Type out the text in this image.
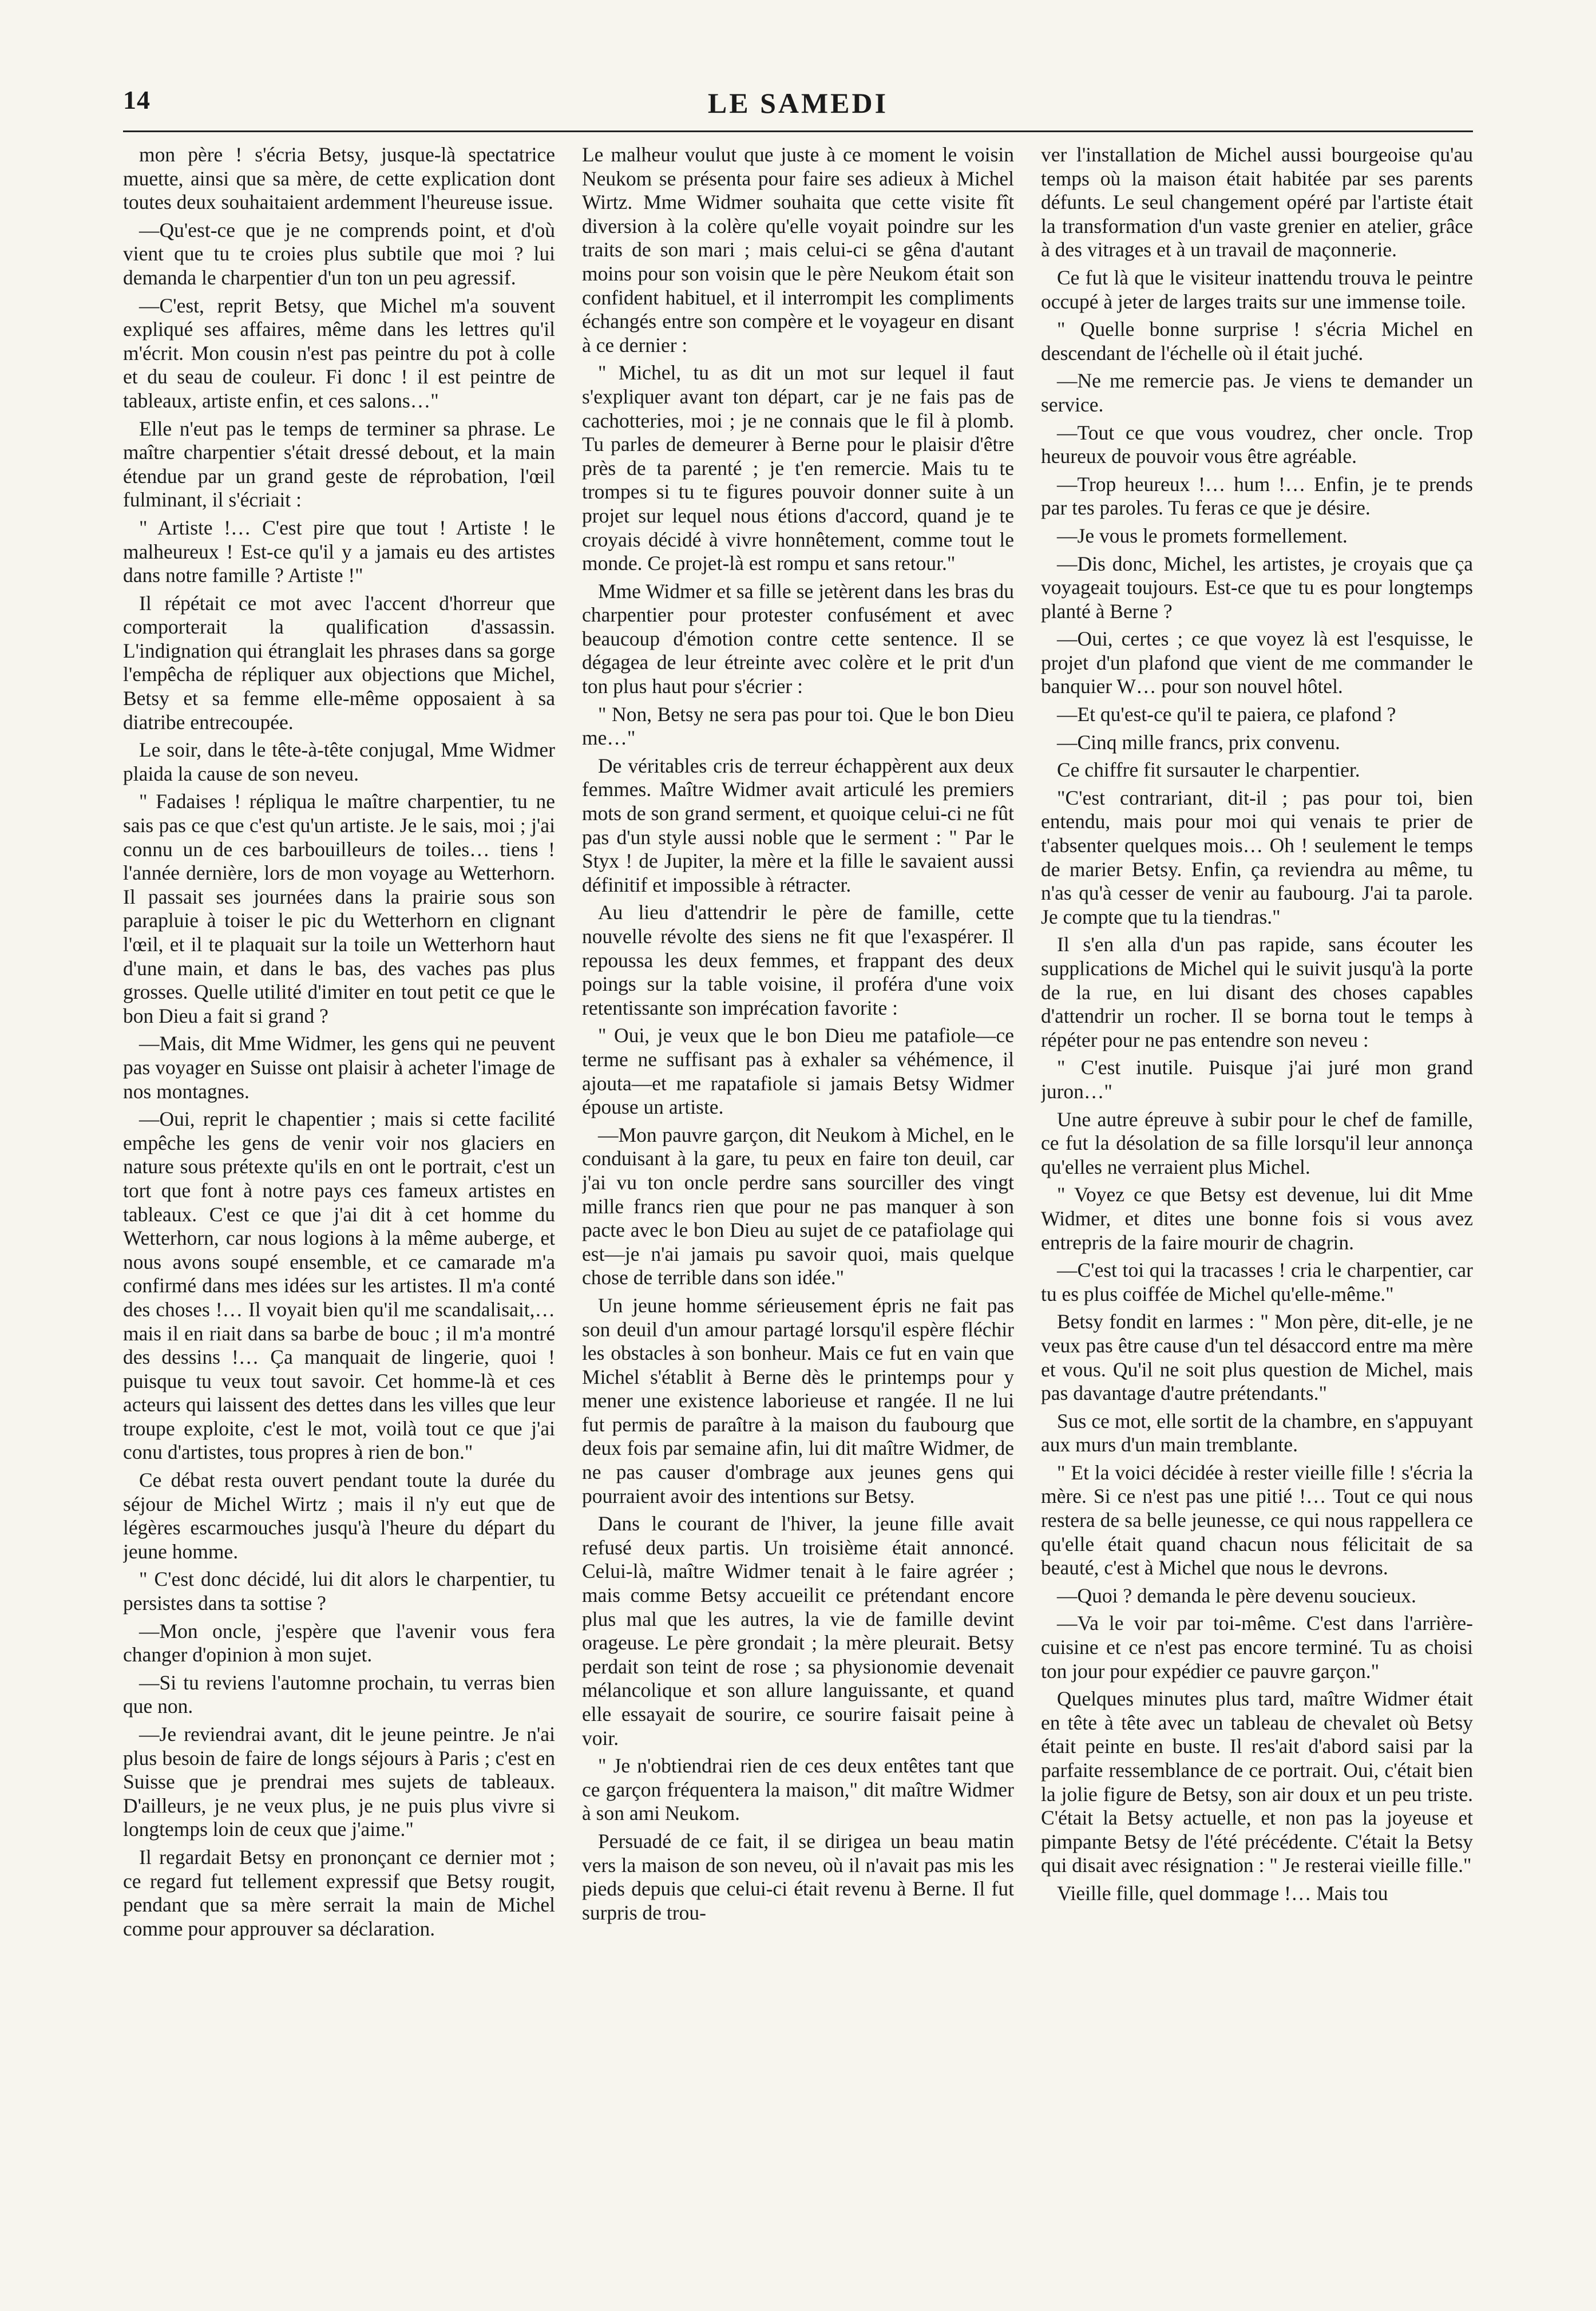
14	LE SAMEDI

mon père ! s'écria Betsy, jusque-là spectatrice muette, ainsi que sa mère, de cette explication dont toutes deux souhaitaient ardemment l'heureuse issue.

—Qu'est-ce que je ne comprends point, et d'où vient que tu te croies plus subtile que moi ? lui demanda le charpentier d'un ton un peu agressif.

—C'est, reprit Betsy, que Michel m'a souvent expliqué ses affaires, même dans les lettres qu'il m'écrit. Mon cousin n'est pas peintre du pot à colle et du seau de couleur. Fi donc ! il est peintre de tableaux, artiste enfin, et ces salons…"

Elle n'eut pas le temps de terminer sa phrase. Le maître charpentier s'était dressé debout, et la main étendue par un grand geste de réprobation, l'œil fulminant, il s'écriait :

" Artiste !… C'est pire que tout ! Artiste ! le malheureux ! Est-ce qu'il y a jamais eu des artistes dans notre famille ? Artiste !"

Il répétait ce mot avec l'accent d'horreur que comporterait la qualification d'assassin. L'indignation qui étranglait les phrases dans sa gorge l'empêcha de répliquer aux objections que Michel, Betsy et sa femme elle-même opposaient à sa diatribe entrecoupée.

Le soir, dans le tête-à-tête conjugal, Mme Widmer plaida la cause de son neveu.

" Fadaises ! répliqua le maître charpentier, tu ne sais pas ce que c'est qu'un artiste. Je le sais, moi ; j'ai connu un de ces barbouilleurs de toiles… tiens ! l'année dernière, lors de mon voyage au Wetterhorn. Il passait ses journées dans la prairie sous son parapluie à toiser le pic du Wetterhorn en clignant l'œil, et il te plaquait sur la toile un Wetterhorn haut d'une main, et dans le bas, des vaches pas plus grosses. Quelle utilité d'imiter en tout petit ce que le bon Dieu a fait si grand ?

—Mais, dit Mme Widmer, les gens qui ne peuvent pas voyager en Suisse ont plaisir à acheter l'image de nos montagnes.

—Oui, reprit le chapentier ; mais si cette facilité empêche les gens de venir voir nos glaciers en nature sous prétexte qu'ils en ont le portrait, c'est un tort que font à notre pays ces fameux artistes en tableaux. C'est ce que j'ai dit à cet homme du Wetterhorn, car nous logions à la même auberge, et nous avons soupé ensemble, et ce camarade m'a confirmé dans mes idées sur les artistes. Il m'a conté des choses !… Il voyait bien qu'il me scandalisait,… mais il en riait dans sa barbe de bouc ; il m'a montré des dessins !… Ça manquait de lingerie, quoi ! puisque tu veux tout savoir. Cet homme-là et ces acteurs qui laissent des dettes dans les villes que leur troupe exploite, c'est le mot, voilà tout ce que j'ai conu d'artistes, tous propres à rien de bon."

Ce débat resta ouvert pendant toute la durée du séjour de Michel Wirtz ; mais il n'y eut que de légères escarmouches jusqu'à l'heure du départ du jeune homme.

" C'est donc décidé, lui dit alors le charpentier, tu persistes dans ta sottise ?

—Mon oncle, j'espère que l'avenir vous fera changer d'opinion à mon sujet.

—Si tu reviens l'automne prochain, tu verras bien que non.

—Je reviendrai avant, dit le jeune peintre. Je n'ai plus besoin de faire de longs séjours à Paris ; c'est en Suisse que je prendrai mes sujets de tableaux. D'ailleurs, je ne veux plus, je ne puis plus vivre si longtemps loin de ceux que j'aime."

Il regardait Betsy en prononçant ce dernier mot ; ce regard fut tellement expressif que Betsy rougit, pendant que sa mère serrait la main de Michel comme pour approuver sa déclaration.

Le malheur voulut que juste à ce moment le voisin Neukom se présenta pour faire ses adieux à Michel Wirtz. Mme Widmer souhaita que cette visite fît diversion à la colère qu'elle voyait poindre sur les traits de son mari ; mais celui-ci se gêna d'autant moins pour son voisin que le père Neukom était son confident habituel, et il interrompit les compliments échangés entre son compère et le voyageur en disant à ce dernier :

" Michel, tu as dit un mot sur lequel il faut s'expliquer avant ton départ, car je ne fais pas de cachotteries, moi ; je ne connais que le fil à plomb. Tu parles de demeurer à Berne pour le plaisir d'être près de ta parenté ; je t'en remercie. Mais tu te trompes si tu te figures pouvoir donner suite à un projet sur lequel nous étions d'accord, quand je te croyais décidé à vivre honnêtement, comme tout le monde. Ce projet-là est rompu et sans retour."

Mme Widmer et sa fille se jetèrent dans les bras du charpentier pour protester confusément et avec beaucoup d'émotion contre cette sentence. Il se dégagea de leur étreinte avec colère et le prit d'un ton plus haut pour s'écrier :

" Non, Betsy ne sera pas pour toi. Que le bon Dieu me…"

De véritables cris de terreur échappèrent aux deux femmes. Maître Widmer avait articulé les premiers mots de son grand serment, et quoique celui-ci ne fût pas d'un style aussi noble que le serment : " Par le Styx ! de Jupiter, la mère et la fille le savaient aussi définitif et impossible à rétracter.

Au lieu d'attendrir le père de famille, cette nouvelle révolte des siens ne fit que l'exaspérer. Il repoussa les deux femmes, et frappant des deux poings sur la table voisine, il proféra d'une voix retentissante son imprécation favorite :

" Oui, je veux que le bon Dieu me patafiole—ce terme ne suffisant pas à exhaler sa véhémence, il ajouta—et me rapatafiole si jamais Betsy Widmer épouse un artiste.

—Mon pauvre garçon, dit Neukom à Michel, en le conduisant à la gare, tu peux en faire ton deuil, car j'ai vu ton oncle perdre sans sourciller des vingt mille francs rien que pour ne pas manquer à son pacte avec le bon Dieu au sujet de ce patafiolage qui est—je n'ai jamais pu savoir quoi, mais quelque chose de terrible dans son idée."

Un jeune homme sérieusement épris ne fait pas son deuil d'un amour partagé lorsqu'il espère fléchir les obstacles à son bonheur. Mais ce fut en vain que Michel s'établit à Berne dès le printemps pour y mener une existence laborieuse et rangée. Il ne lui fut permis de paraître à la maison du faubourg que deux fois par semaine afin, lui dit maître Widmer, de ne pas causer d'ombrage aux jeunes gens qui pourraient avoir des intentions sur Betsy.

Dans le courant de l'hiver, la jeune fille avait refusé deux partis. Un troisième était annoncé. Celui-là, maître Widmer tenait à le faire agréer ; mais comme Betsy accueilit ce prétendant encore plus mal que les autres, la vie de famille devint orageuse. Le père grondait ; la mère pleurait. Betsy perdait son teint de rose ; sa physionomie devenait mélancolique et son allure languissante, et quand elle essayait de sourire, ce sourire faisait peine à voir.

" Je n'obtiendrai rien de ces deux entêtes tant que ce garçon fréquentera la maison," dit maître Widmer à son ami Neukom.

Persuadé de ce fait, il se dirigea un beau matin vers la maison de son neveu, où il n'avait pas mis les pieds depuis que celui-ci était revenu à Berne. Il fut surpris de trou-

ver l'installation de Michel aussi bourgeoise qu'au temps où la maison était habitée par ses parents défunts. Le seul changement opéré par l'artiste était la transformation d'un vaste grenier en atelier, grâce à des vitrages et à un travail de maçonnerie.

Ce fut là que le visiteur inattendu trouva le peintre occupé à jeter de larges traits sur une immense toile.

" Quelle bonne surprise ! s'écria Michel en descendant de l'échelle où il était juché.

—Ne me remercie pas. Je viens te demander un service.

—Tout ce que vous voudrez, cher oncle. Trop heureux de pouvoir vous être agréable.

—Trop heureux !… hum !… Enfin, je te prends par tes paroles. Tu feras ce que je désire.

—Je vous le promets formellement.

—Dis donc, Michel, les artistes, je croyais que ça voyageait toujours. Est-ce que tu es pour longtemps planté à Berne ?

—Oui, certes ; ce que voyez là est l'esquisse, le projet d'un plafond que vient de me commander le banquier W… pour son nouvel hôtel.

—Et qu'est-ce qu'il te paiera, ce plafond ?

—Cinq mille francs, prix convenu.

Ce chiffre fit sursauter le charpentier.

"C'est contrariant, dit-il ; pas pour toi, bien entendu, mais pour moi qui venais te prier de t'absenter quelques mois… Oh ! seulement le temps de marier Betsy. Enfin, ça reviendra au même, tu n'as qu'à cesser de venir au faubourg. J'ai ta parole. Je compte que tu la tiendras."

Il s'en alla d'un pas rapide, sans écouter les supplications de Michel qui le suivit jusqu'à la porte de la rue, en lui disant des choses capables d'attendrir un rocher. Il se borna tout le temps à répéter pour ne pas entendre son neveu :

" C'est inutile. Puisque j'ai juré mon grand juron…"

Une autre épreuve à subir pour le chef de famille, ce fut la désolation de sa fille lorsqu'il leur annonça qu'elles ne verraient plus Michel.

" Voyez ce que Betsy est devenue, lui dit Mme Widmer, et dites une bonne fois si vous avez entrepris de la faire mourir de chagrin.

—C'est toi qui la tracasses ! cria le charpentier, car tu es plus coiffée de Michel qu'elle-même."

Betsy fondit en larmes : " Mon père, dit-elle, je ne veux pas être cause d'un tel désaccord entre ma mère et vous. Qu'il ne soit plus question de Michel, mais pas davantage d'autre prétendants."

Sus ce mot, elle sortit de la chambre, en s'appuyant aux murs d'un main tremblante.

" Et la voici décidée à rester vieille fille ! s'écria la mère. Si ce n'est pas une pitié !… Tout ce qui nous restera de sa belle jeunesse, ce qui nous rappellera ce qu'elle était quand chacun nous félicitait de sa beauté, c'est à Michel que nous le devrons.

—Quoi ? demanda le père devenu soucieux.

—Va le voir par toi-même. C'est dans l'arrière-cuisine et ce n'est pas encore terminé. Tu as choisi ton jour pour expédier ce pauvre garçon."

Quelques minutes plus tard, maître Widmer était en tête à tête avec un tableau de chevalet où Betsy était peinte en buste. Il res'ait d'abord saisi par la parfaite ressemblance de ce portrait. Oui, c'était bien la jolie figure de Betsy, son air doux et un peu triste. C'était la Betsy actuelle, et non pas la joyeuse et pimpante Betsy de l'été précédente. C'était la Betsy qui disait avec résignation : " Je resterai vieille fille."

Vieille fille, quel dommage !… Mais tou
